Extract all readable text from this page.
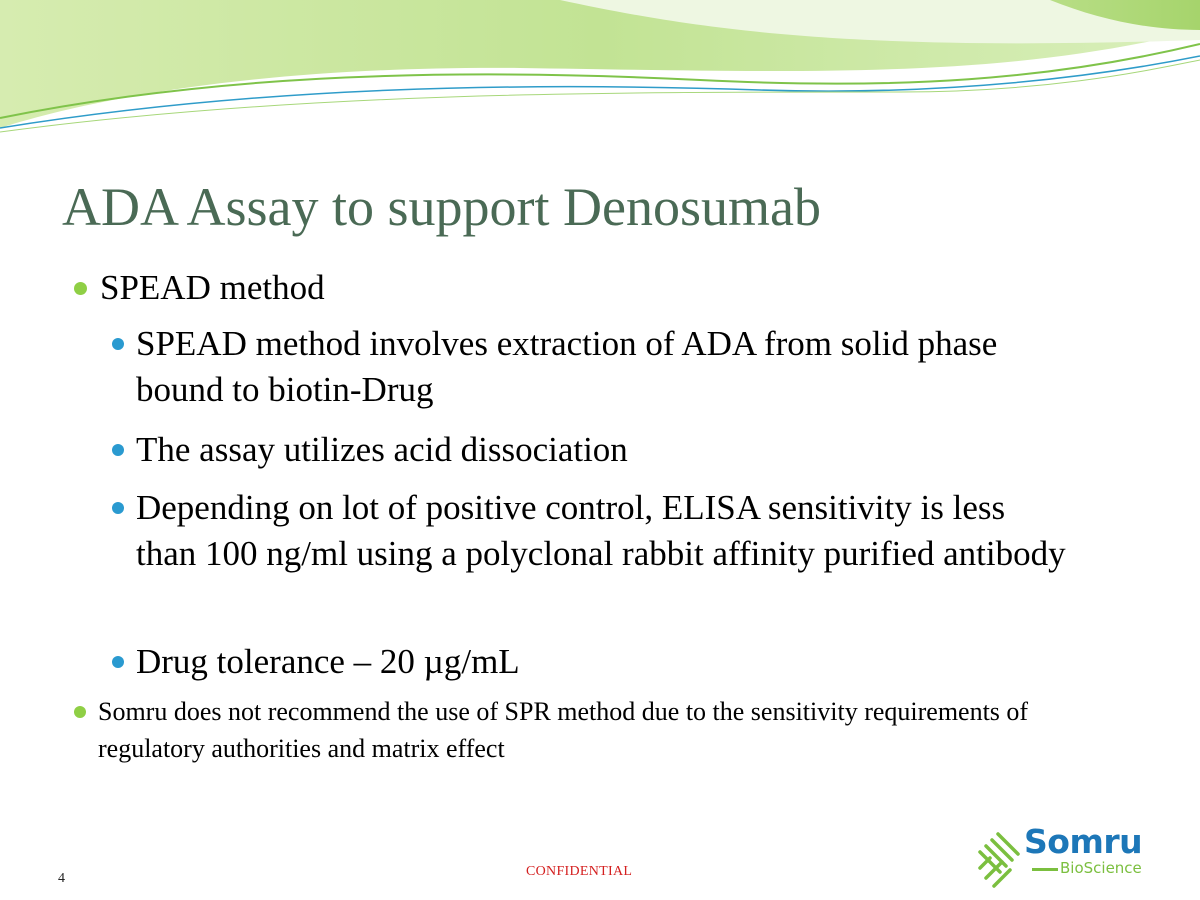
ADA Assay to support Denosumab
SPEAD method
SPEAD method involves extraction of ADA from solid phase bound to biotin-Drug
The assay utilizes acid dissociation
Depending on lot of positive control, ELISA sensitivity is less than 100 ng/ml using a polyclonal rabbit affinity purified antibody
Drug tolerance – 20 µg/mL
Somru does not recommend the use of SPR method due to the sensitivity requirements of regulatory authorities and matrix effect
4	CONFIDENTIAL
Somru
BioScience
